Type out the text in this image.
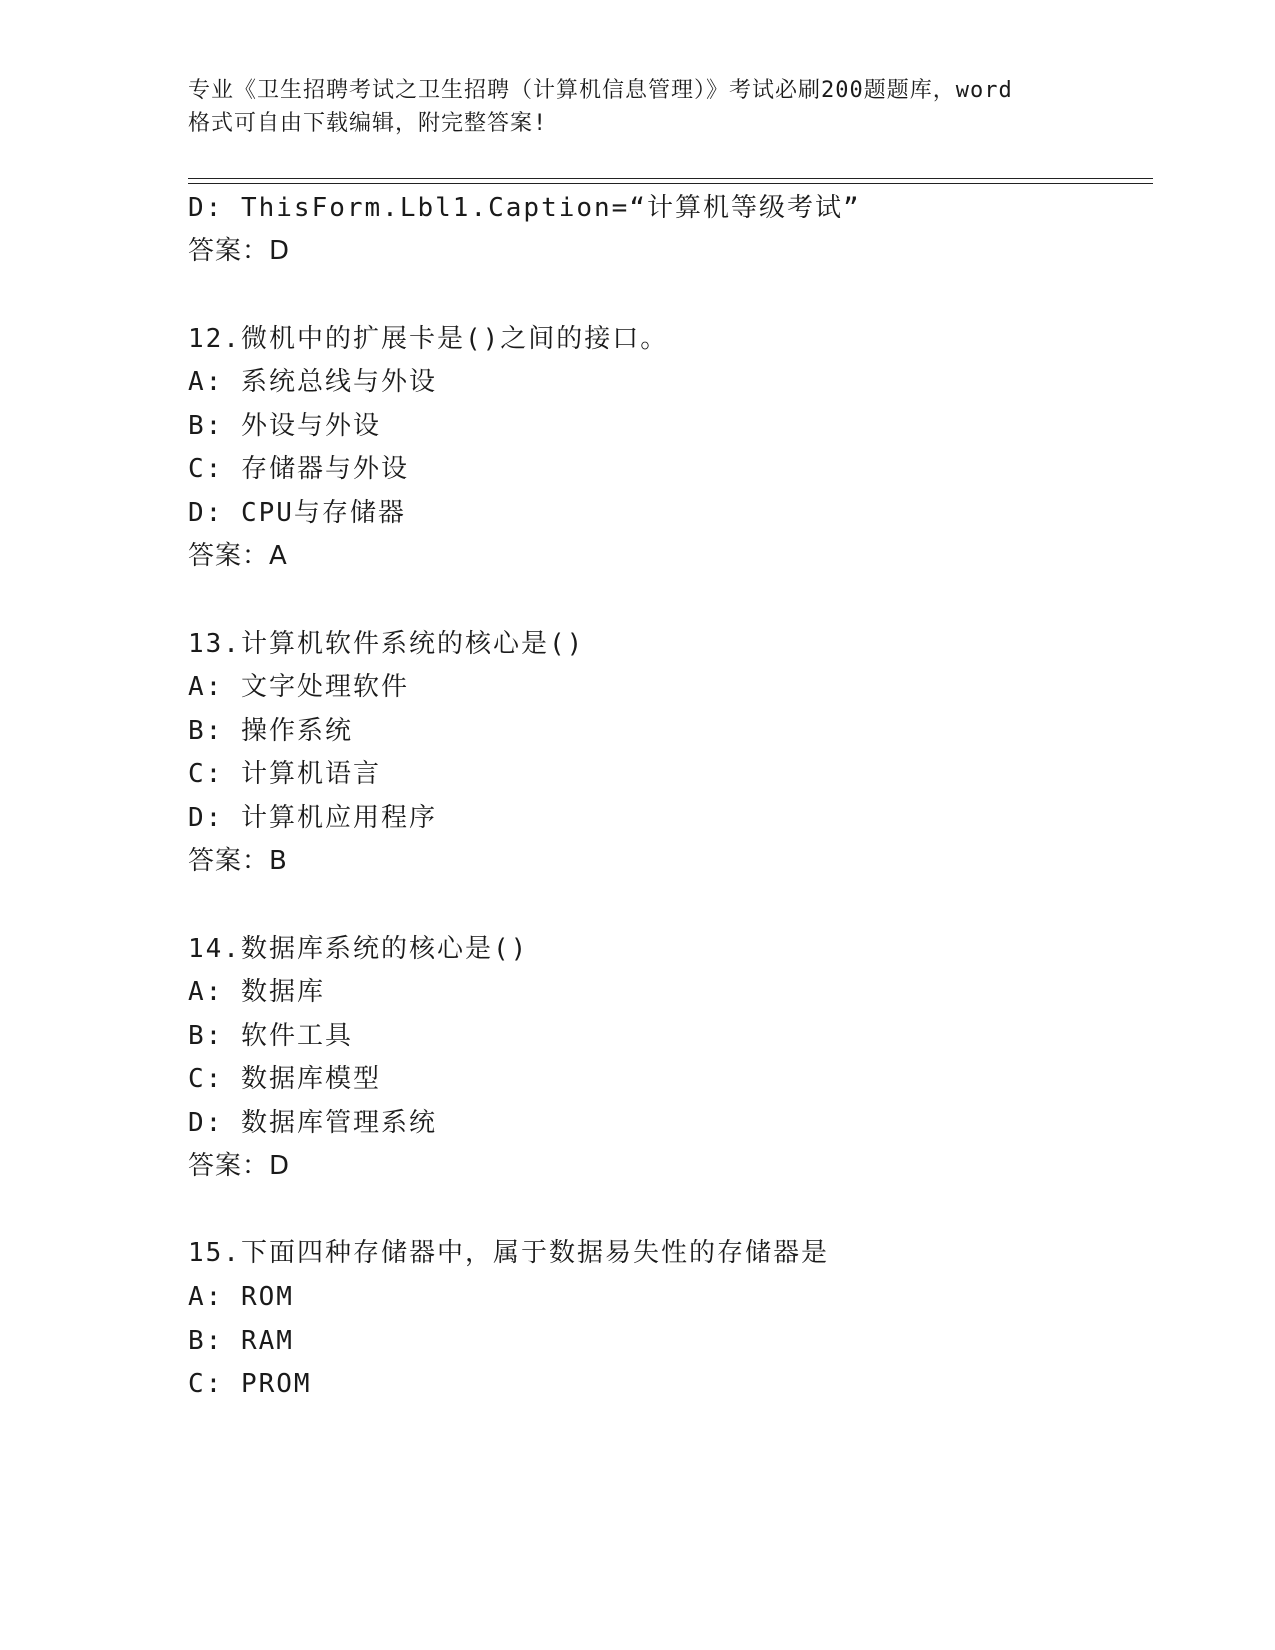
专业《卫生招聘考试之卫生招聘（计算机信息管理）》考试必刷200题题库，word
格式可自由下载编辑，附完整答案!
D: ThisForm.Lbl1.Caption=“计算机等级考试”
答案：D
12.微机中的扩展卡是()之间的接口。
A: 系统总线与外设
B: 外设与外设
C: 存储器与外设
D: CPU与存储器
答案：A
13.计算机软件系统的核心是()
A: 文字处理软件
B: 操作系统
C: 计算机语言
D: 计算机应用程序
答案：B
14.数据库系统的核心是()
A: 数据库
B: 软件工具
C: 数据库模型
D: 数据库管理系统
答案：D
15.下面四种存储器中，属于数据易失性的存储器是
A: ROM
B: RAM
C: PROM
